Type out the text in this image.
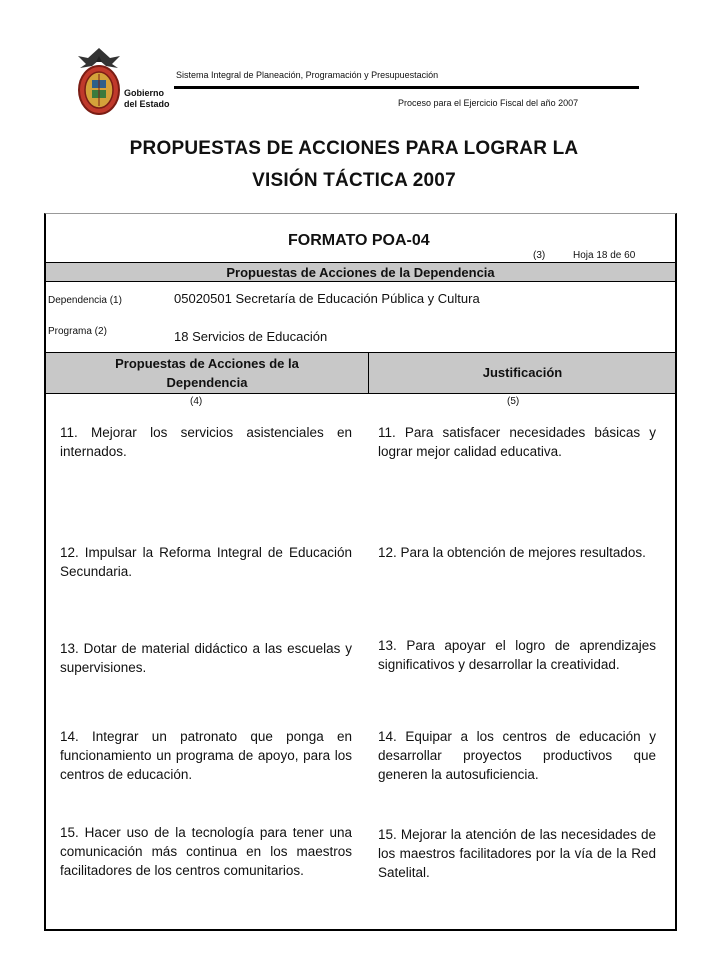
Gobierno
del Estado
Sistema Integral de Planeación, Programación y Presupuestación
Proceso para el Ejercicio Fiscal del año 2007
PROPUESTAS DE ACCIONES PARA LOGRAR LA
VISIÓN TÁCTICA 2007
FORMATO POA-04
(3)	Hoja 18 de 60
Propuestas de Acciones de la Dependencia
Dependencia (1)	05020501 Secretaría de Educación Pública y Cultura
Programa (2)	18 Servicios de Educación
Propuestas de Acciones de la
Dependencia
Justificación
(4)	(5)
11. Mejorar los servicios asistenciales en internados.
11. Para satisfacer necesidades básicas y lograr mejor calidad educativa.
12. Impulsar la Reforma Integral de Educación Secundaria.
12. Para la obtención de mejores resultados.
13. Dotar de material didáctico a las escuelas y supervisiones.
13. Para apoyar el logro de aprendizajes significativos y desarrollar la creatividad.
14. Integrar un patronato que ponga en funcionamiento un programa de apoyo, para los centros de educación.
14. Equipar a los centros de educación y desarrollar proyectos productivos que generen la autosuficiencia.
15. Hacer uso de la tecnología para tener una comunicación más continua en los maestros facilitadores de los centros comunitarios.
15. Mejorar la atención de las necesidades de los maestros facilitadores por la vía de la Red Satelital.
